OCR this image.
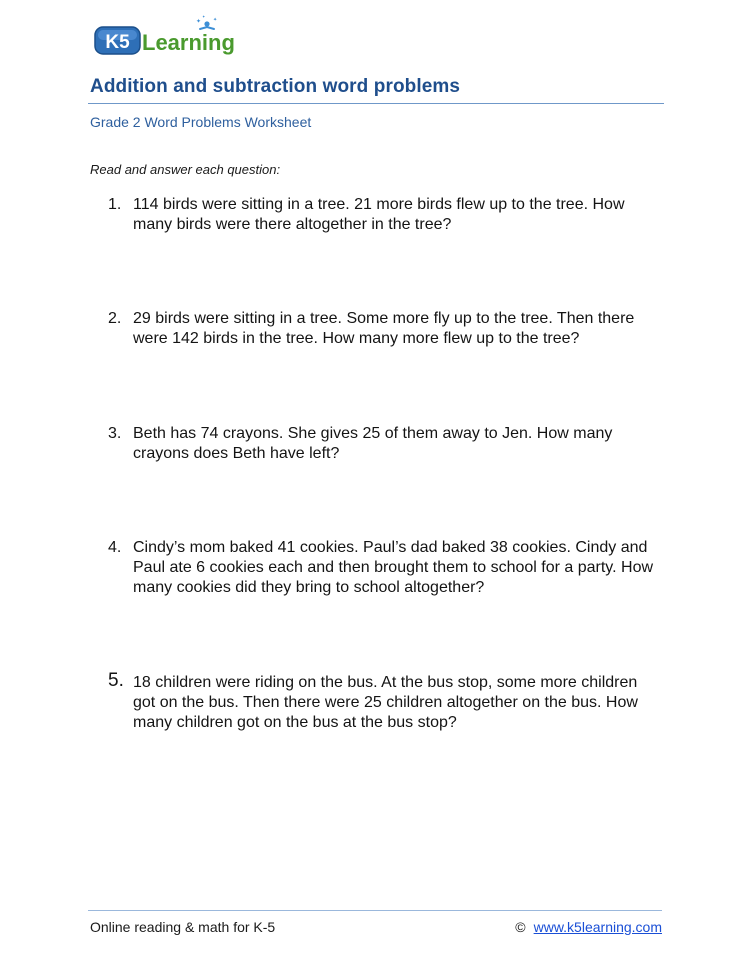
K5 Learning
✦ ✦
✦
Addition and subtraction word problems
Grade 2 Word Problems Worksheet
Read and answer each question:
1. 114 birds were sitting in a tree. 21 more birds flew up to the tree. How many birds were there altogether in the tree?
2. 29 birds were sitting in a tree. Some more fly up to the tree. Then there were 142 birds in the tree. How many more flew up to the tree?
3. Beth has 74 crayons. She gives 25 of them away to Jen. How many crayons does Beth have left?
4. Cindy’s mom baked 41 cookies. Paul’s dad baked 38 cookies. Cindy and Paul ate 6 cookies each and then brought them to school for a party. How many cookies did they bring to school altogether?
5. 18 children were riding on the bus. At the bus stop, some more children got on the bus. Then there were 25 children altogether on the bus. How many children got on the bus at the bus stop?
Online reading & math for K-5	© www.k5learning.com
